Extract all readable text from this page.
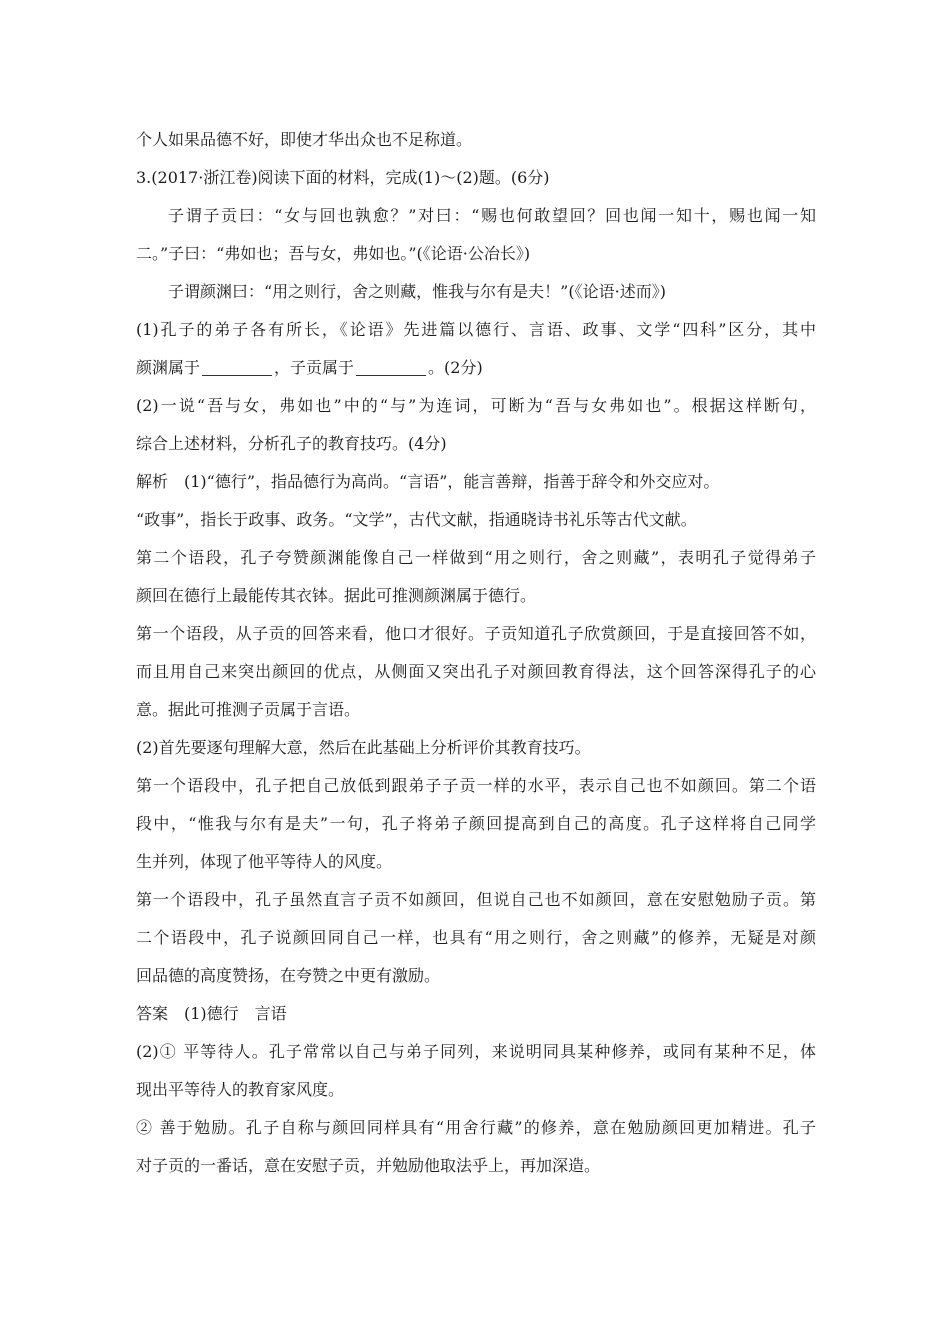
个人如果品德不好，即使才华出众也不足称道。
3.(2017·浙江卷)阅读下面的材料，完成(1)～(2)题。(6分)
子谓子贡曰：“女与回也孰愈？”对曰：“赐也何敢望回？回也闻一知十，赐也闻一知
二。”子曰：“弗如也；吾与女，弗如也。”(《论语·公冶长》)
子谓颜渊曰：“用之则行，舍之则藏，惟我与尔有是夫！”(《论语·述而》)
(1)孔子的弟子各有所长，《论语》先进篇以德行、言语、政事、文学“四科”区分，其中
颜渊属于	，子贡属于	。(2分)
(2)一说“吾与女，弗如也”中的“与”为连词，可断为“吾与女弗如也”。根据这样断句，
综合上述材料，分析孔子的教育技巧。(4分)
解析　(1)“德行”，指品德行为高尚。“言语”，能言善辩，指善于辞令和外交应对。
“政事”，指长于政事、政务。“文学”，古代文献，指通晓诗书礼乐等古代文献。
第二个语段，孔子夸赞颜渊能像自己一样做到“用之则行，舍之则藏”，表明孔子觉得弟子
颜回在德行上最能传其衣钵。据此可推测颜渊属于德行。
第一个语段，从子贡的回答来看，他口才很好。子贡知道孔子欣赏颜回，于是直接回答不如，
而且用自己来突出颜回的优点，从侧面又突出孔子对颜回教育得法，这个回答深得孔子的心
意。据此可推测子贡属于言语。
(2)首先要逐句理解大意，然后在此基础上分析评价其教育技巧。
第一个语段中，孔子把自己放低到跟弟子子贡一样的水平，表示自己也不如颜回。第二个语
段中，“惟我与尔有是夫”一句，孔子将弟子颜回提高到自己的高度。孔子这样将自己同学
生并列，体现了他平等待人的风度。
第一个语段中，孔子虽然直言子贡不如颜回，但说自己也不如颜回，意在安慰勉励子贡。第
二个语段中，孔子说颜回同自己一样，也具有“用之则行，舍之则藏”的修养，无疑是对颜
回品德的高度赞扬，在夸赞之中更有激励。
答案　(1)德行　言语
(2)① 平等待人。孔子常常以自己与弟子同列，来说明同具某种修养，或同有某种不足，体
现出平等待人的教育家风度。
② 善于勉励。孔子自称与颜回同样具有“用舍行藏”的修养，意在勉励颜回更加精进。孔子
对子贡的一番话，意在安慰子贡，并勉励他取法乎上，再加深造。
